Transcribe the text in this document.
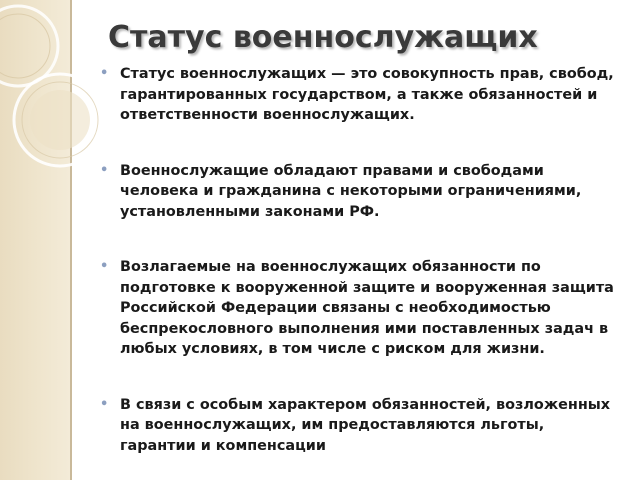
Статус военнослужащих
• Статус военнослужащих — это совокупность прав, свобод, гарантированных государством, а также обязанностей и ответственности военнослужащих.
• Военнослужащие обладают правами и свободами человека и гражданина с некоторыми ограничениями, установленными законами РФ.
• Возлагаемые на военнослужащих обязанности по подготовке к вооруженной защите и вооруженная защита Российской Федерации связаны с необходимостью беспрекословного выполнения ими поставленных задач в любых условиях, в том числе с риском для жизни.
• В связи с особым характером обязанностей, возложенных на военнослужащих, им предоставляются льготы, гарантии и компенсации
